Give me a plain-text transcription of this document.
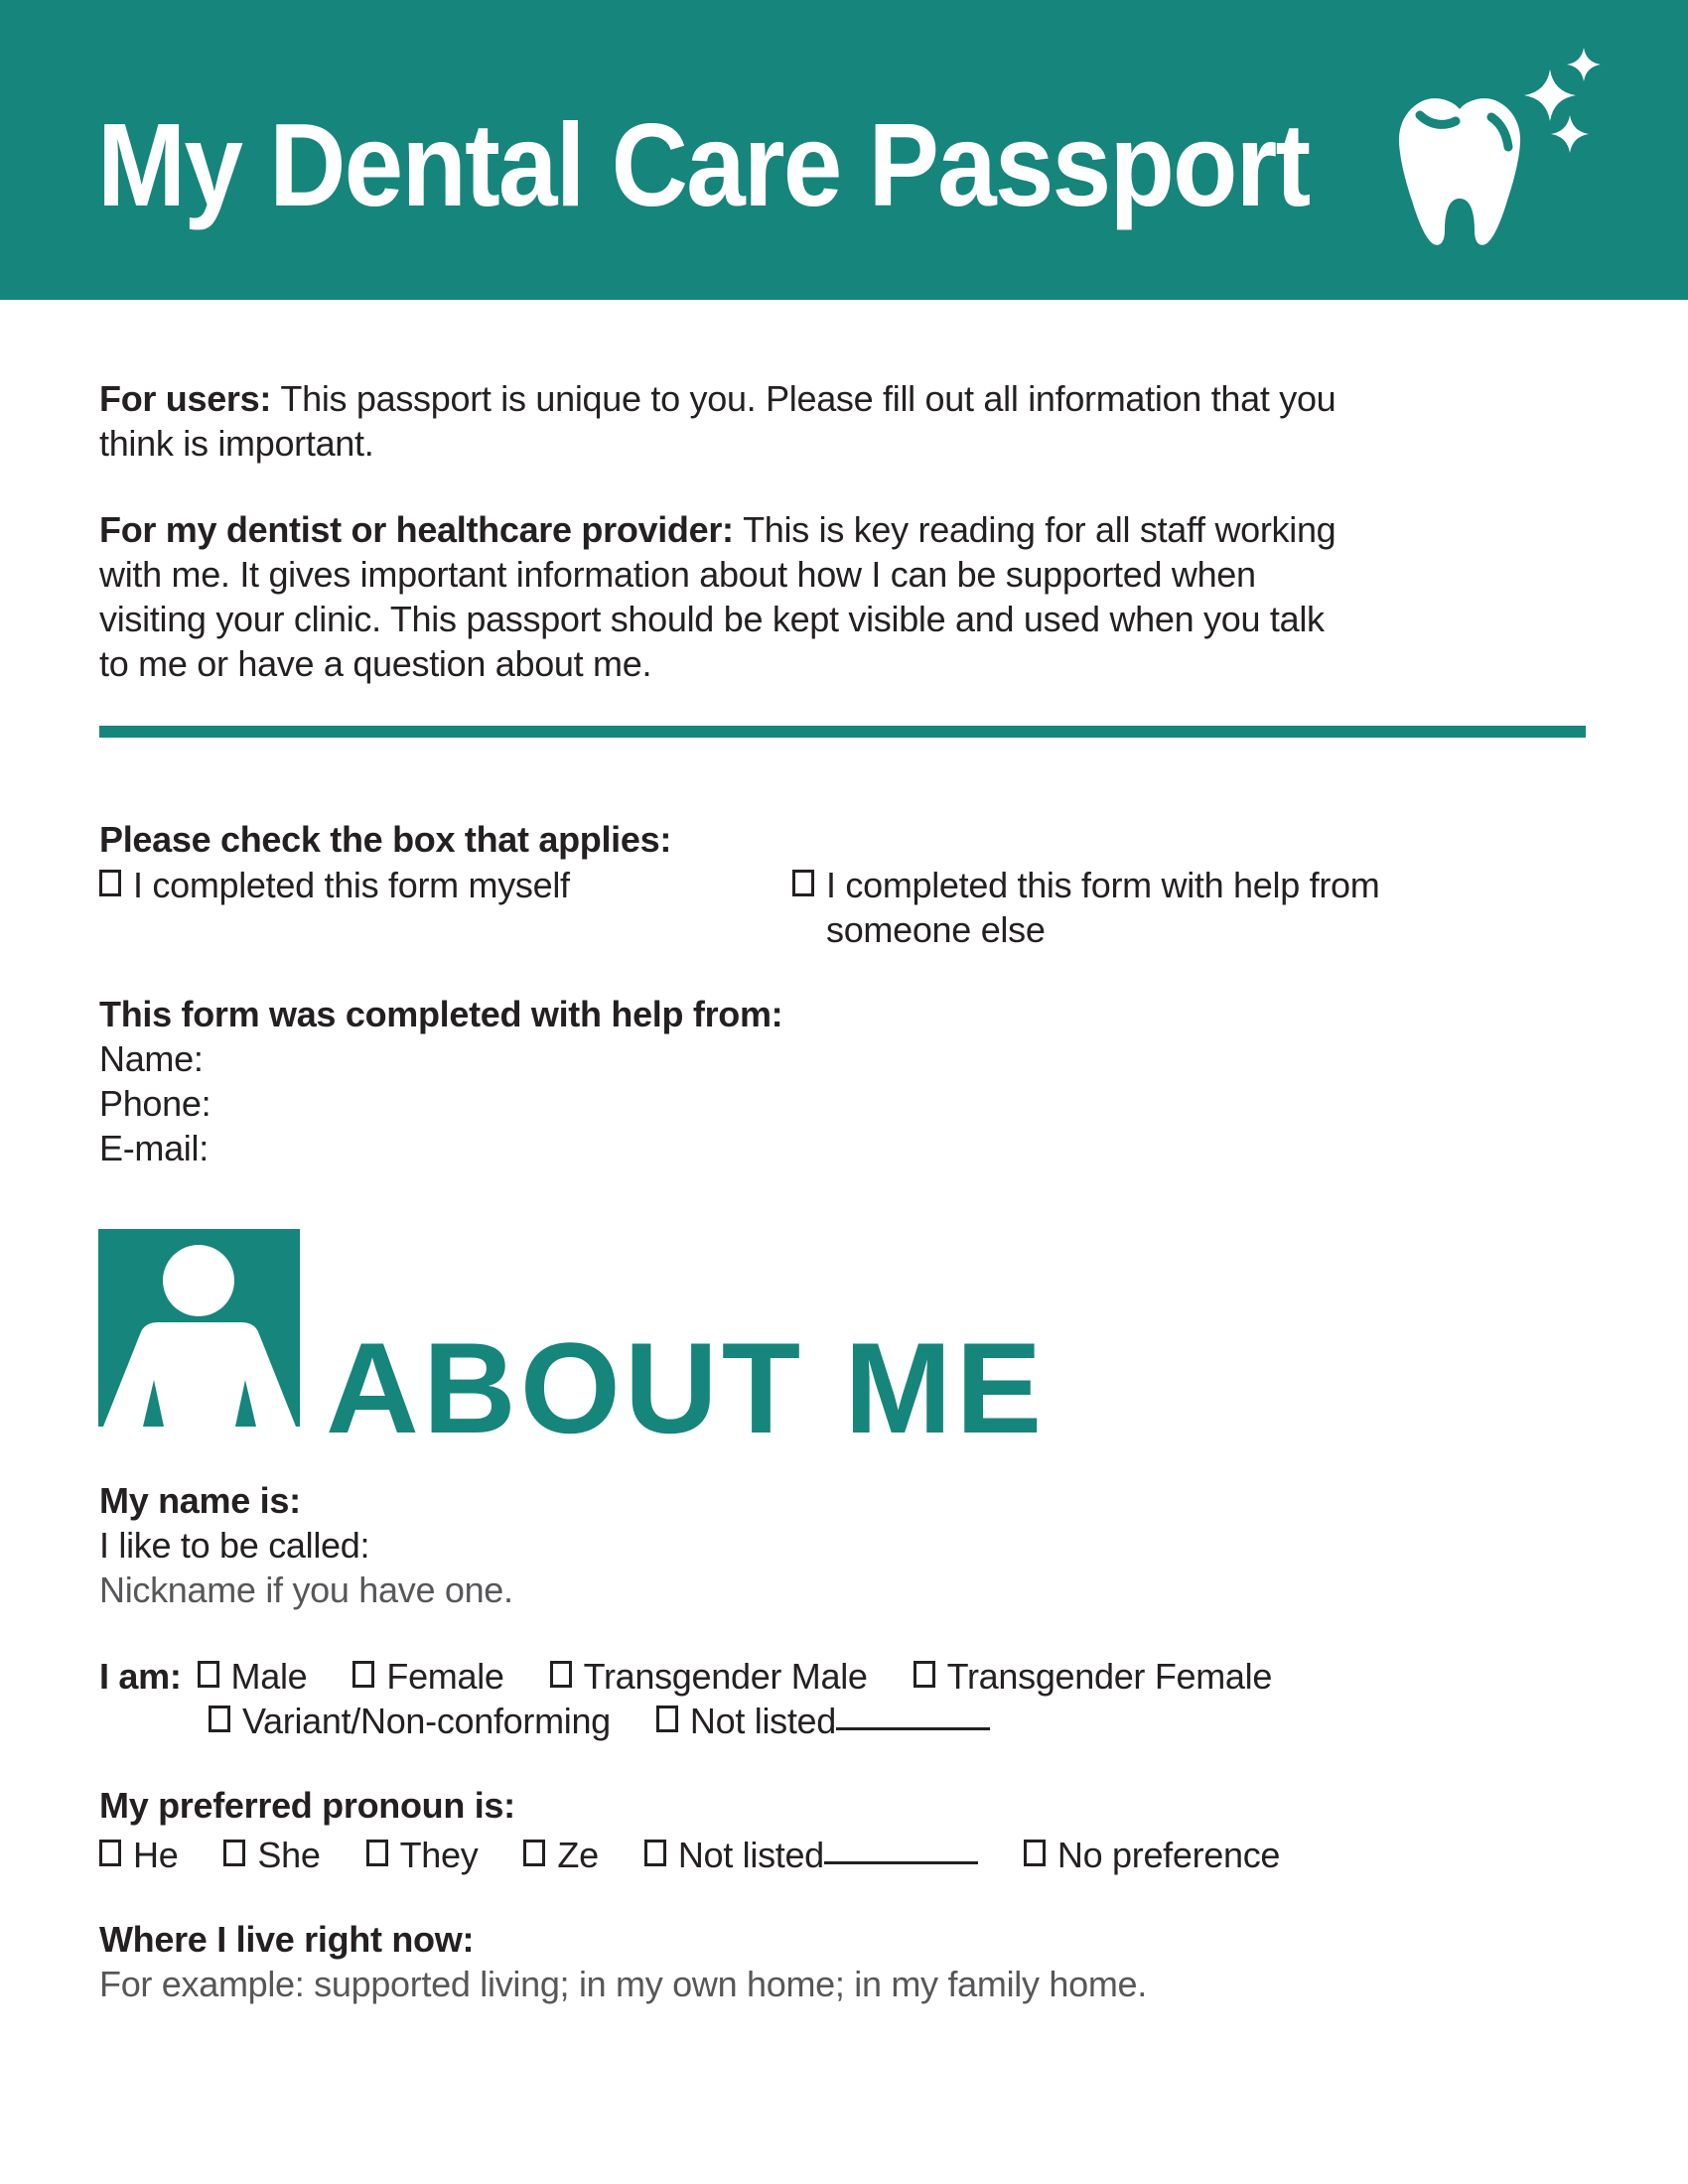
My Dental Care Passport
For users: This passport is unique to you. Please fill out all information that you
think is important.
For my dentist or healthcare provider: This is key reading for all staff working
with me. It gives important information about how I can be supported when
visiting your clinic. This passport should be kept visible and used when you talk
to me or have a question about me.
Please check the box that applies:
I completed this form myself	I completed this form with help from someone else
This form was completed with help from:
Name:
Phone:
E-mail:
ABOUT ME
My name is:
I like to be called:
Nickname if you have one.
I am: Male Female Transgender Male Transgender Female
Variant/Non-conforming Not listed
My preferred pronoun is:
He She They Ze Not listed	No preference
Where I live right now:
For example: supported living; in my own home; in my family home.
